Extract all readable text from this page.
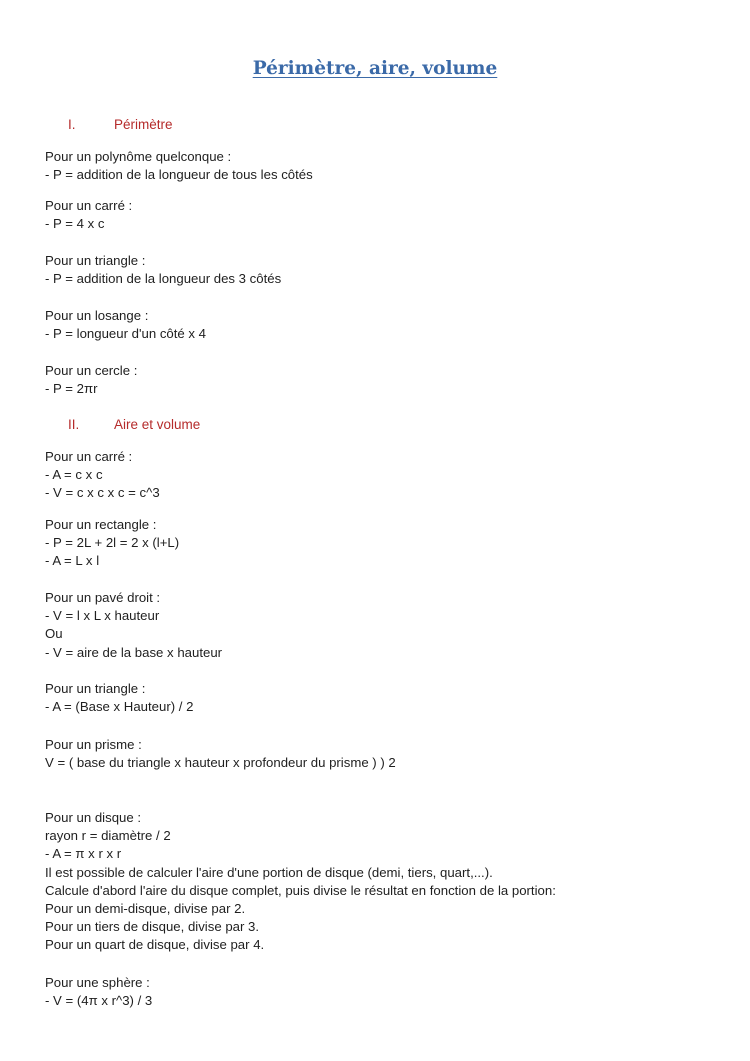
Périmètre, aire, volume
I.	Périmètre
Pour un polynôme quelconque :
- P = addition de la longueur de tous les côtés
Pour un carré :
- P = 4 x c
Pour un triangle :
- P = addition de la longueur des 3 côtés
Pour un losange :
- P = longueur d'un côté x 4
Pour un cercle :
- P = 2πr
II.	Aire et volume
Pour un carré :
- A = c x c
- V = c x c x c = c^3
Pour un rectangle :
- P = 2L + 2l = 2 x (l+L)
- A = L x l
Pour un pavé droit :
- V = l x L x hauteur
Ou
- V = aire de la base x hauteur
Pour un triangle :
- A = (Base x Hauteur) / 2
Pour un prisme :
V = ( base du triangle x hauteur x profondeur du prisme ) ) 2
Pour un disque :
rayon r = diamètre / 2
- A = π x r x r
Il est possible de calculer l'aire d'une portion de disque (demi, tiers, quart,...).
Calcule d'abord l'aire du disque complet, puis divise le résultat en fonction de la portion:
Pour un demi-disque, divise par 2.
Pour un tiers de disque, divise par 3.
Pour un quart de disque, divise par 4.
Pour une sphère :
- V = (4π x r^3) / 3
